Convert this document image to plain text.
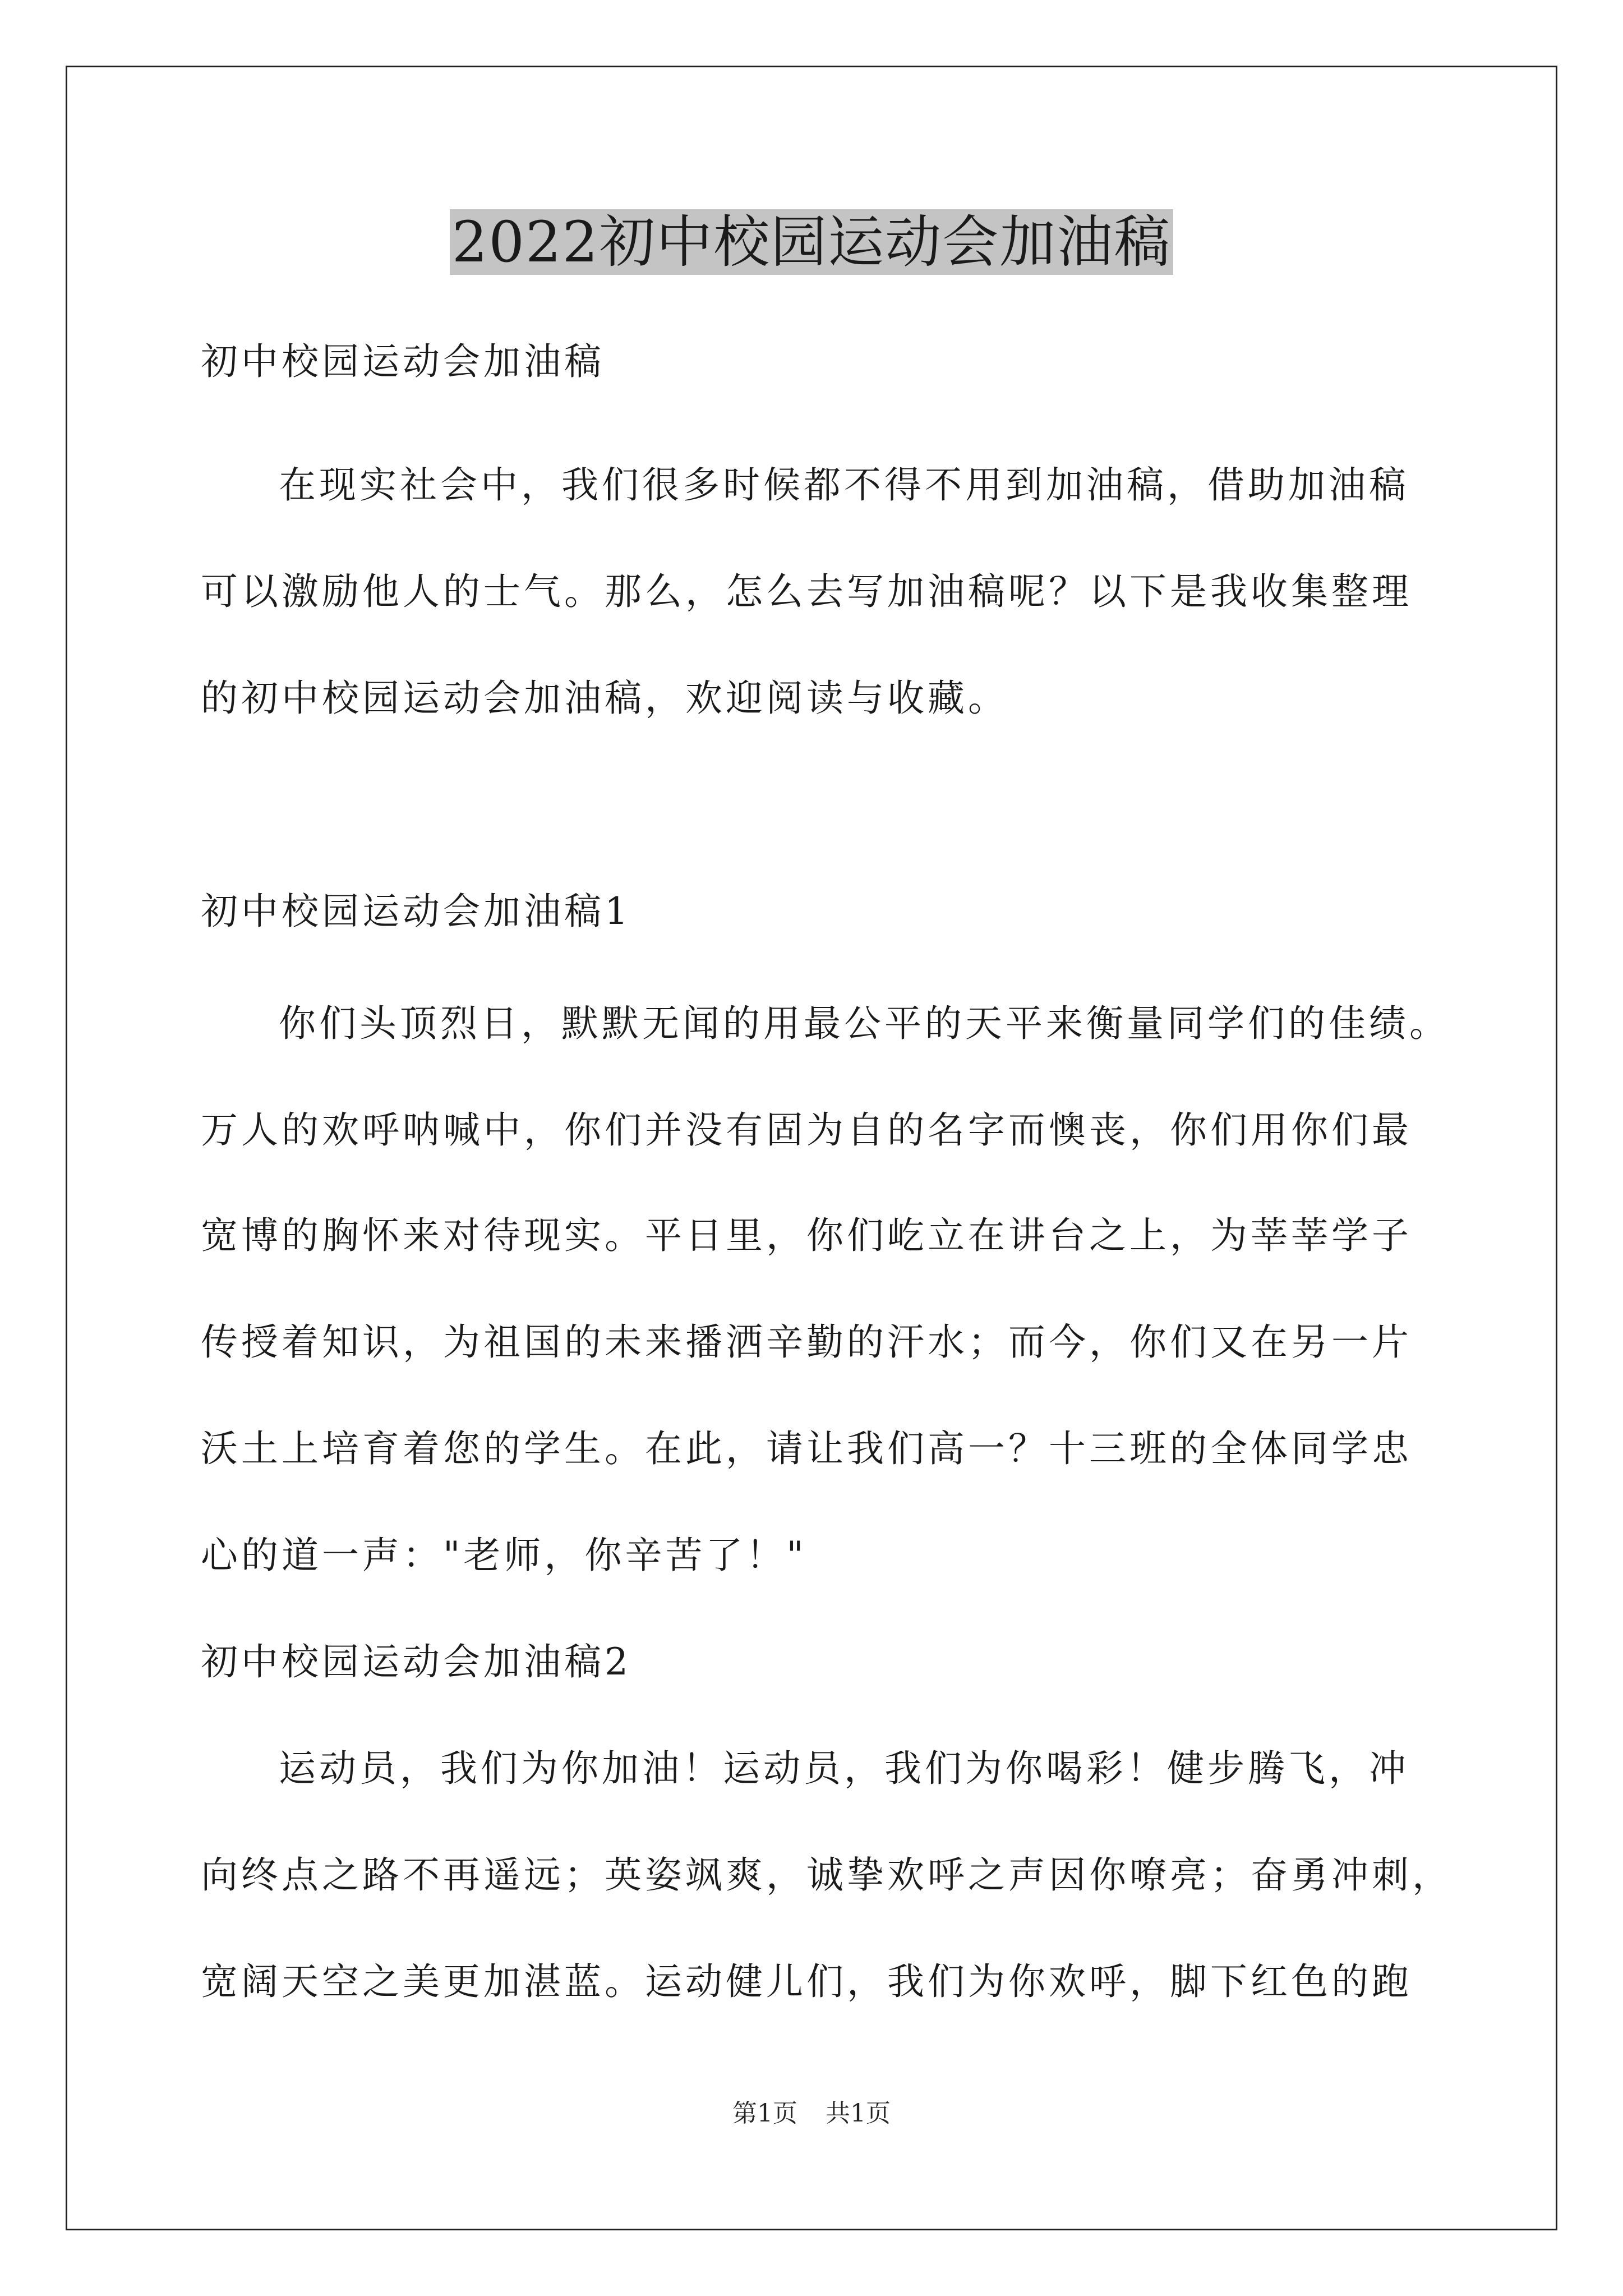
2022初中校园运动会加油稿
初中校园运动会加油稿
在现实社会中，我们很多时候都不得不用到加油稿，借助加油稿
可以激励他人的士气。那么，怎么去写加油稿呢？以下是我收集整理
的初中校园运动会加油稿，欢迎阅读与收藏。
初中校园运动会加油稿1
你们头顶烈日，默默无闻的用最公平的天平来衡量同学们的佳绩。
万人的欢呼呐喊中，你们并没有固为自的名字而懊丧，你们用你们最
宽博的胸怀来对待现实。平日里，你们屹立在讲台之上，为莘莘学子
传授着知识，为祖国的未来播洒辛勤的汗水；而今，你们又在另一片
沃土上培育着您的学生。在此，请让我们高一？十三班的全体同学忠
心的道一声："老师，你辛苦了！"
初中校园运动会加油稿2
运动员，我们为你加油！运动员，我们为你喝彩！健步腾飞，冲
向终点之路不再遥远；英姿飒爽，诚挚欢呼之声因你嘹亮；奋勇冲刺，
宽阔天空之美更加湛蓝。运动健儿们，我们为你欢呼，脚下红色的跑
第1页 共1页
